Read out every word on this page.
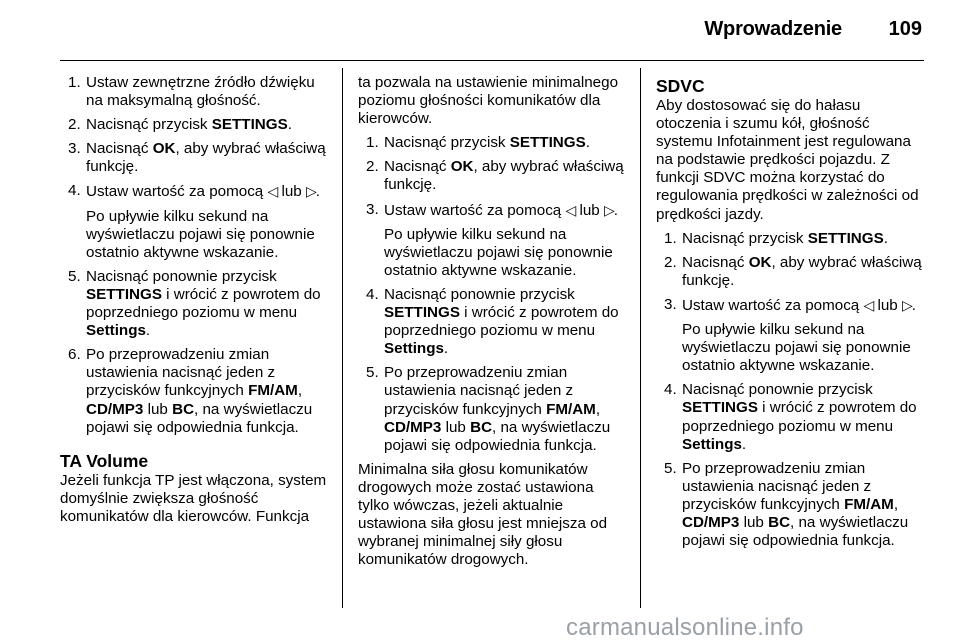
Wprowadzenie 109
1. Ustaw zewnętrzne źródło dźwięku na maksymalną głośność.
2. Nacisnąć przycisk SETTINGS.
3. Nacisnąć OK, aby wybrać właściwą funkcję.
4. Ustaw wartość za pomocą ◁ lub ▷.

Po upływie kilku sekund na wyświetlaczu pojawi się ponownie ostatnio aktywne wskazanie.

5. Nacisnąć ponownie przycisk SETTINGS i wrócić z powrotem do poprzedniego poziomu w menu Settings.
6. Po przeprowadzeniu zmian ustawienia nacisnąć jeden z przycisków funkcyjnych FM/AM, CD/MP3 lub BC, na wyświetlaczu pojawi się odpowiednia funkcja.
TA Volume

Jeżeli funkcja TP jest włączona, system domyślnie zwiększa głośność komunikatów dla kierowców. Funkcja

ta pozwala na ustawienie minimalnego poziomu głośności komunikatów dla kierowców.

1. Nacisnąć przycisk SETTINGS.
2. Nacisnąć OK, aby wybrać właściwą funkcję.
3. Ustaw wartość za pomocą ◁ lub ▷.

Po upływie kilku sekund na wyświetlaczu pojawi się ponownie ostatnio aktywne wskazanie.

4. Nacisnąć ponownie przycisk SETTINGS i wrócić z powrotem do poprzedniego poziomu w menu Settings.
5. Po przeprowadzeniu zmian ustawienia nacisnąć jeden z przycisków funkcyjnych FM/AM, CD/MP3 lub BC, na wyświetlaczu pojawi się odpowiednia funkcja.

Minimalna siła głosu komunikatów drogowych może zostać ustawiona tylko wówczas, jeżeli aktualnie ustawiona siła głosu jest mniejsza od wybranej minimalnej siły głosu komunikatów drogowych.

SDVC

Aby dostosować się do hałasu otoczenia i szumu kół, głośność systemu Infotainment jest regulowana na podstawie prędkości pojazdu. Z funkcji SDVC można korzystać do regulowania prędkości w zależności od prędkości jazdy.

1. Nacisnąć przycisk SETTINGS.
2. Nacisnąć OK, aby wybrać właściwą funkcję.
3. Ustaw wartość za pomocą ◁ lub ▷.

Po upływie kilku sekund na wyświetlaczu pojawi się ponownie ostatnio aktywne wskazanie.

4. Nacisnąć ponownie przycisk SETTINGS i wrócić z powrotem do poprzedniego poziomu w menu Settings.
5. Po przeprowadzeniu zmian ustawienia nacisnąć jeden z przycisków funkcyjnych FM/AM, CD/MP3 lub BC, na wyświetlaczu pojawi się odpowiednia funkcja.
carmanualsonline.info
